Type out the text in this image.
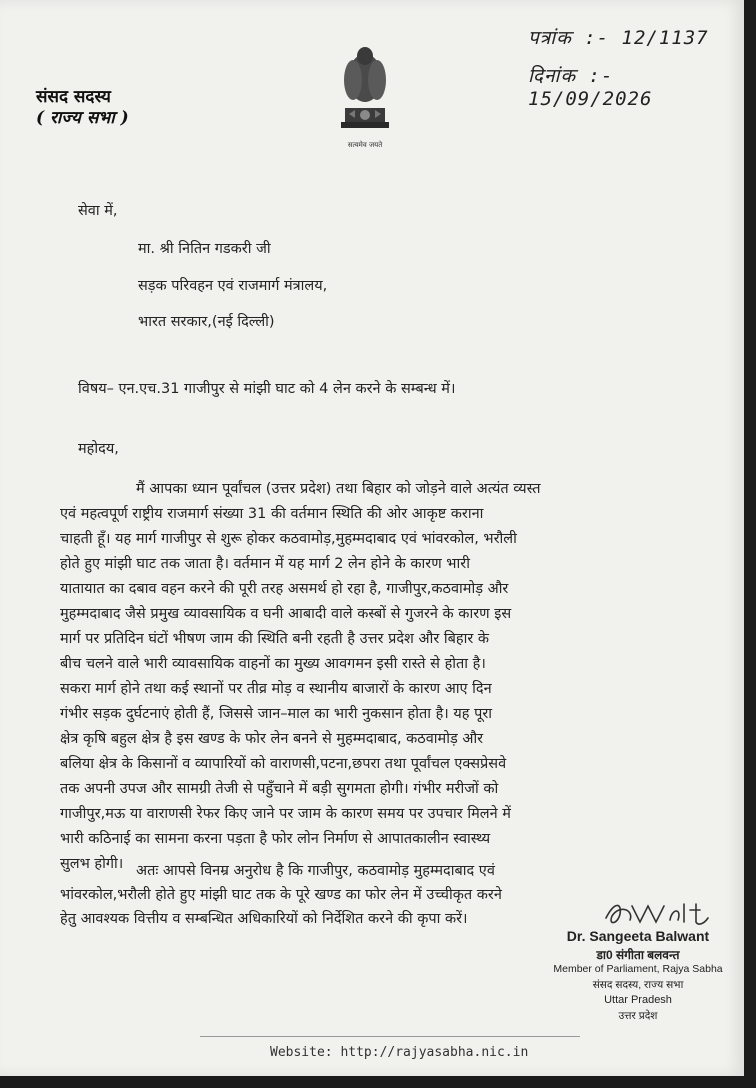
संसद सदस्य
( राज्य सभा )
सत्यमेव जयते
पत्रांक :- 12/1137
दिनांक :- 15/09/2026
सेवा में,
मा. श्री नितिन गडकरी जी
सड़क परिवहन एवं राजमार्ग मंत्रालय,
भारत सरकार,(नई दिल्ली)
विषय– एन.एच.31 गाजीपुर से मांझी घाट को 4 लेन करने के सम्बन्ध में।
महोदय,
मैं आपका ध्यान पूर्वांचल (उत्तर प्रदेश) तथा बिहार को जोड़ने वाले अत्यंत व्यस्त
एवं महत्वपूर्ण राष्ट्रीय राजमार्ग संख्या 31 की वर्तमान स्थिति की ओर आकृष्ट कराना
चाहती हूँ। यह मार्ग गाजीपुर से शुरू होकर कठवामोड़,मुहम्मदाबाद एवं भांवरकोल, भरौली
होते हुए मांझी घाट तक जाता है। वर्तमान में यह मार्ग 2 लेन होने के कारण भारी
यातायात का दबाव वहन करने की पूरी तरह असमर्थ हो रहा है, गाजीपुर,कठवामोड़ और
मुहम्मदाबाद जैसे प्रमुख व्यावसायिक व घनी आबादी वाले कस्बों से गुजरने के कारण इस
मार्ग पर प्रतिदिन घंटों भीषण जाम की स्थिति बनी रहती है उत्तर प्रदेश और बिहार के
बीच चलने वाले भारी व्यावसायिक वाहनों का मुख्य आवगमन इसी रास्ते से होता है।
सकरा मार्ग होने तथा कई स्थानों पर तीव्र मोड़ व स्थानीय बाजारों के कारण आए दिन
गंभीर सड़क दुर्घटनाएं होती हैं, जिससे जान–माल का भारी नुकसान होता है। यह पूरा
क्षेत्र कृषि बहुल क्षेत्र है इस खण्ड के फोर लेन बनने से मुहम्मदाबाद, कठवामोड़ और
बलिया क्षेत्र के किसानों व व्यापारियों को वाराणसी,पटना,छपरा तथा पूर्वांचल एक्सप्रेसवे
तक अपनी उपज और सामग्री तेजी से पहुँचाने में बड़ी सुगमता होगी। गंभीर मरीजों को
गाजीपुर,मऊ या वाराणसी रेफर किए जाने पर जाम के कारण समय पर उपचार मिलने में
भारी कठिनाई का सामना करना पड़ता है फोर लोन निर्माण से आपातकालीन स्वास्थ्य
सुलभ होगी। अतः आपसे विनम्र अनुरोध है कि गाजीपुर, कठवामोड़ मुहम्मदाबाद एवं
भांवरकोल,भरौली होते हुए मांझी घाट तक के पूरे खण्ड का फोर लेन में उच्चीकृत करने
हेतु आवश्यक वित्तीय व सम्बन्धित अधिकारियों को निर्देशित करने की कृपा करें।
Dr. Sangeeta Balwant
डा0 संगीता बलवन्त
Member of Parliament, Rajya Sabha
संसद सदस्य, राज्य सभा
Uttar Pradesh
उत्तर प्रदेश
Website: http://rajyasabha.nic.in
